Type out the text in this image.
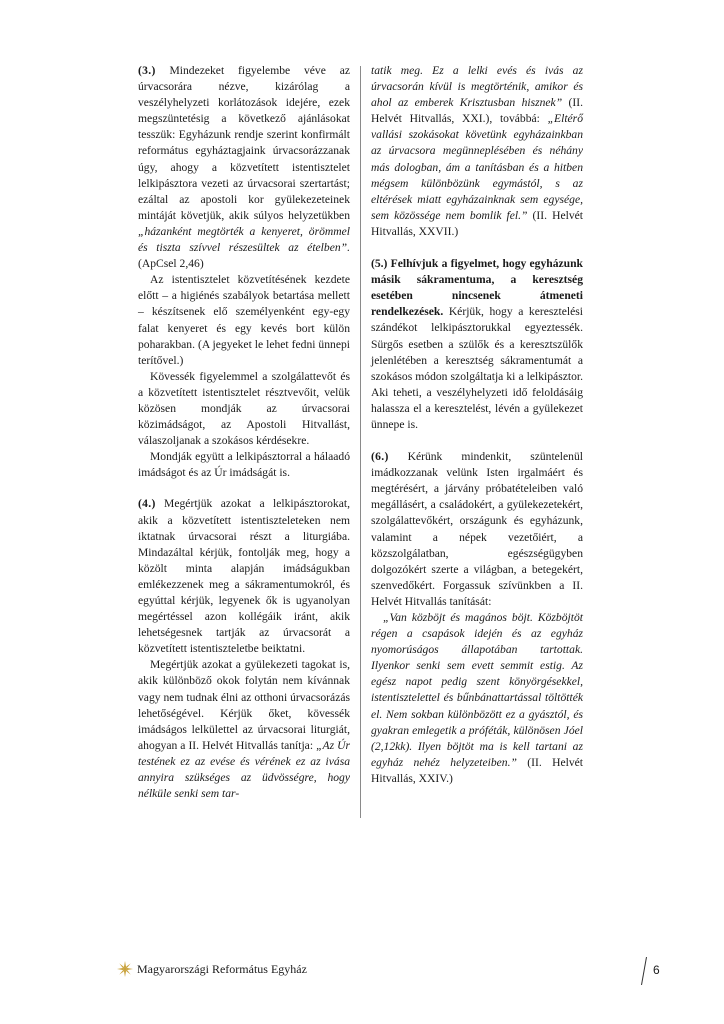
(3.) Mindezeket figyelembe véve az úrvacsorára nézve, kizárólag a veszélyhelyzeti korlátozások idejére, ezek megszüntetésig a következő ajánlásokat tesszük: Egyházunk rendje szerint konfirmált református egyháztagjaink úrvacsorázzanak úgy, ahogy a közvetített istentisztelet lelkipásztora vezeti az úrvacsorai szertartást; ezáltal az apostoli kor gyülekezeteinek mintáját követjük, akik súlyos helyzetükben „házanként megtörték a kenyeret, örömmel és tiszta szívvel részesültek az ételben”. (ApCsel 2,46)

Az istentisztelet közvetítésének kezdete előtt – a higiénés szabályok betartása mellett – készítsenek elő személyenként egy-egy falat kenyeret és egy kevés bort külön poharakban. (A jegyeket le lehet fedni ünnepi terítővel.)

Kövessék figyelemmel a szolgálattevőt és a közvetített istentisztelet résztvevőit, velük közösen mondják az úrvacsorai közimádságot, az Apostoli Hitvallást, válaszoljanak a szokásos kérdésekre.

Mondják együtt a lelkipásztorral a hálaadó imádságot és az Úr imádságát is.

(4.) Megértjük azokat a lelkipásztorokat, akik a közvetített istentiszteleteken nem iktatnak úrvacsorai részt a liturgiába. Mindazáltal kérjük, fontolják meg, hogy a közölt minta alapján imádságukban emlékezzenek meg a sákramentumokról, és egyúttal kérjük, legyenek ők is ugyanolyan megértéssel azon kollégáik iránt, akik lehetségesnek tartják az úrvacsorát a közvetített istentiszteletbe beiktatni.

Megértjük azokat a gyülekezeti tagokat is, akik különböző okok folytán nem kívánnak vagy nem tudnak élni az otthoni úrvacsorázás lehetőségével. Kérjük őket, kövessék imádságos lelkülettel az úrvacsorai liturgiát, ahogyan a II. Helvét Hitvallás tanítja: „Az Úr testének ez az evése és vérének ez az ivása annyira szükséges az üdvösségre, hogy nélküle senki sem tar-

tatik meg. Ez a lelki evés és ivás az úrvacsorán kívül is megtörténik, amikor és ahol az emberek Krisztusban hisznek” (II. Helvét Hitvallás, XXI.), továbbá: „Eltérő vallási szokásokat követünk egyházainkban az úrvacsora megünneplésében és néhány más dologban, ám a tanításban és a hitben mégsem különbözünk egymástól, s az eltérések miatt egyházainknak sem egysége, sem közössége nem bomlik fel.” (II. Helvét Hitvallás, XXVII.)

(5.) Felhívjuk a figyelmet, hogy egyházunk másik sákramentuma, a keresztség esetében nincsenek átmeneti rendelkezések. Kérjük, hogy a keresztelési szándékot lelkipásztorukkal egyeztessék. Sürgős esetben a szülők és a keresztszülők jelenlétében a keresztség sákramentumát a szokásos módon szolgáltatja ki a lelkipásztor. Aki teheti, a veszélyhelyzeti idő feloldásáig halassza el a keresztelést, lévén a gyülekezet ünnepe is.

(6.) Kérünk mindenkit, szüntelenül imádkozzanak velünk Isten irgalmáért és megtérésért, a járvány próbatételeiben való megállásért, a családokért, a gyülekezetekért, szolgálattevőkért, országunk és egyházunk, valamint a népek vezetőiért, a közszolgálatban, egészségügyben dolgozókért szerte a világban, a betegekért, szenvedőkért. Forgassuk szívünkben a II. Helvét Hitvallás tanítását:

„Van közböjt és magános böjt. Közböjtöt régen a csapások idején és az egyház nyomorúságos állapotában tartottak. Ilyenkor senki sem evett semmit estig. Az egész napot pedig szent könyörgésekkel, istentisztelettel és bűnbánattartással töltötték el. Nem sokban különbözött ez a gyásztól, és gyakran emlegetik a próféták, különösen Jóel (2,12kk). Ilyen böjtöt ma is kell tartani az egyház nehéz helyzeteiben.” (II. Helvét Hitvallás, XXIV.)

Magyarországi Református Egyház	6
